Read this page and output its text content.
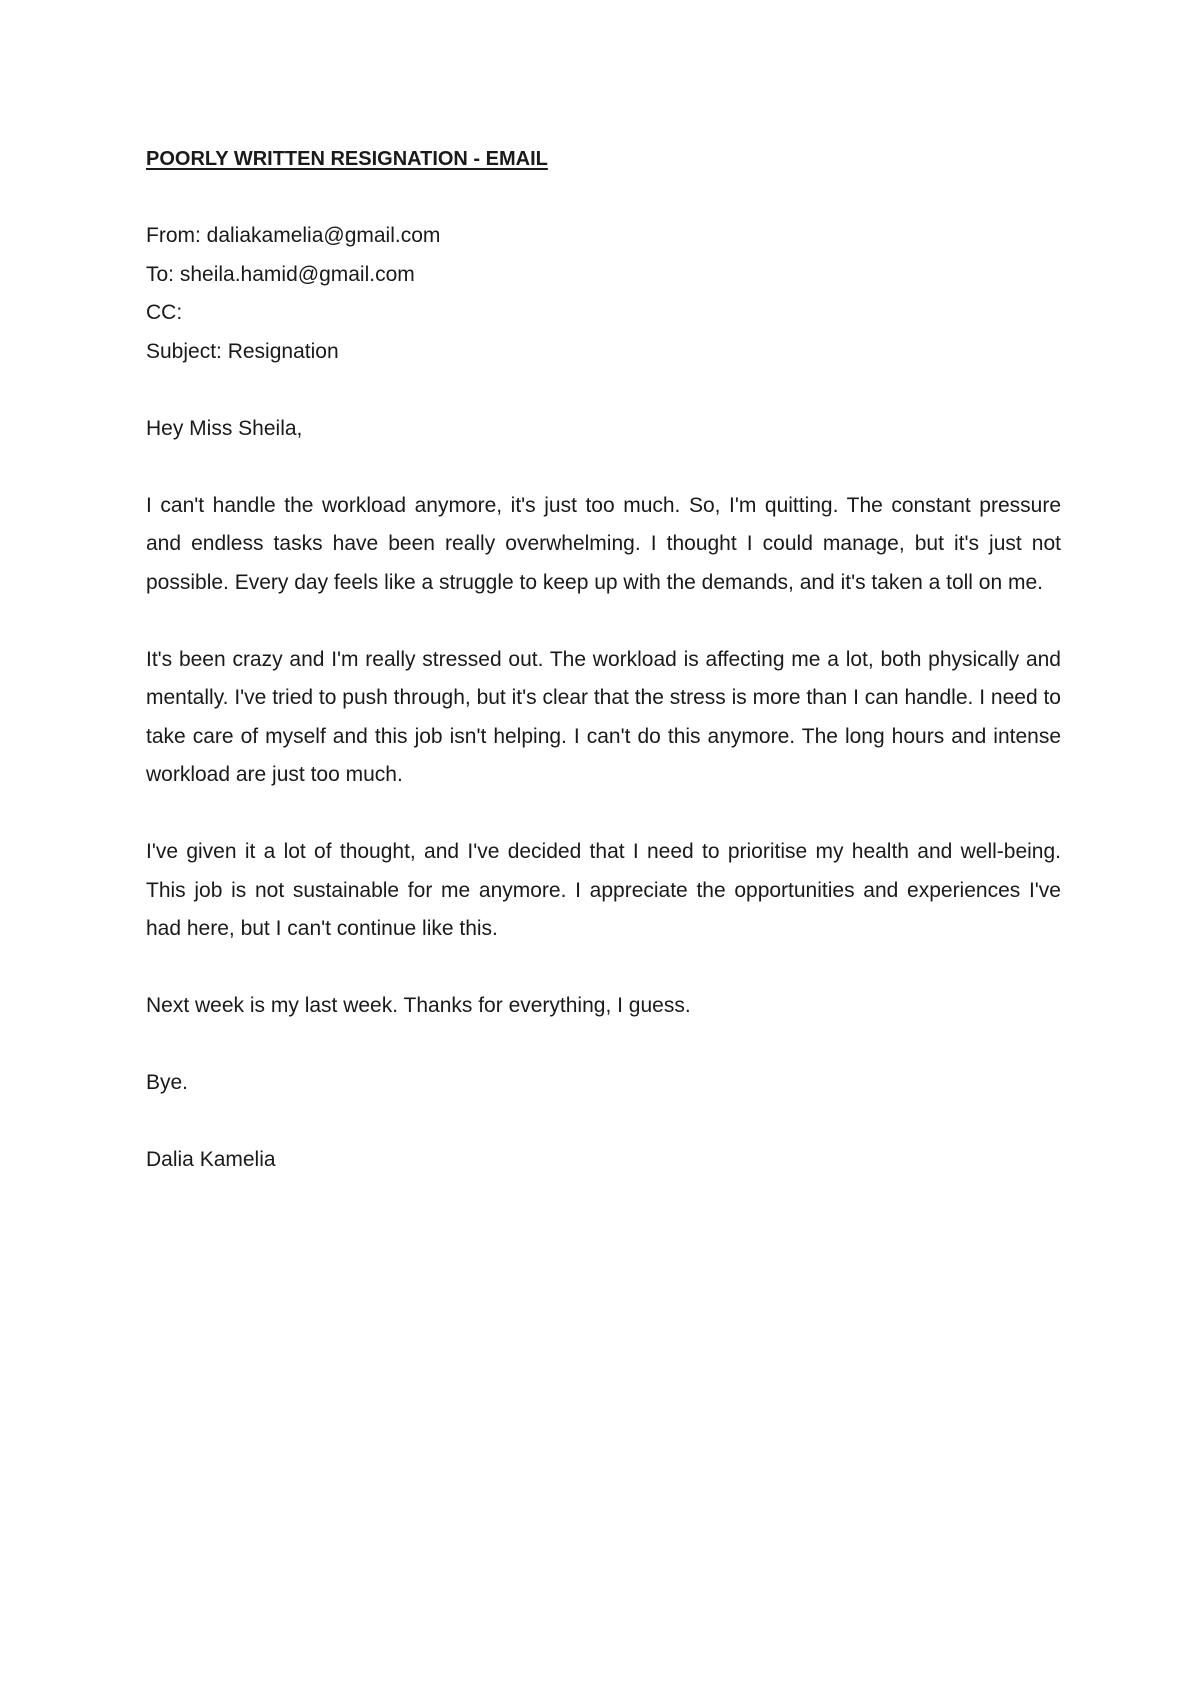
POORLY WRITTEN RESIGNATION - EMAIL

From: daliakamelia@gmail.com

To: sheila.hamid@gmail.com

CC:

Subject: Resignation

Hey Miss Sheila,

I can't handle the workload anymore, it's just too much. So, I'm quitting. The constant pressure and endless tasks have been really overwhelming. I thought I could manage, but it's just not possible. Every day feels like a struggle to keep up with the demands, and it's taken a toll on me.

It's been crazy and I'm really stressed out. The workload is affecting me a lot, both physically and mentally. I've tried to push through, but it's clear that the stress is more than I can handle. I need to take care of myself and this job isn't helping. I can't do this anymore. The long hours and intense workload are just too much.

I've given it a lot of thought, and I've decided that I need to prioritise my health and well-being. This job is not sustainable for me anymore. I appreciate the opportunities and experiences I've had here, but I can't continue like this.

Next week is my last week. Thanks for everything, I guess.

Bye.

Dalia Kamelia
